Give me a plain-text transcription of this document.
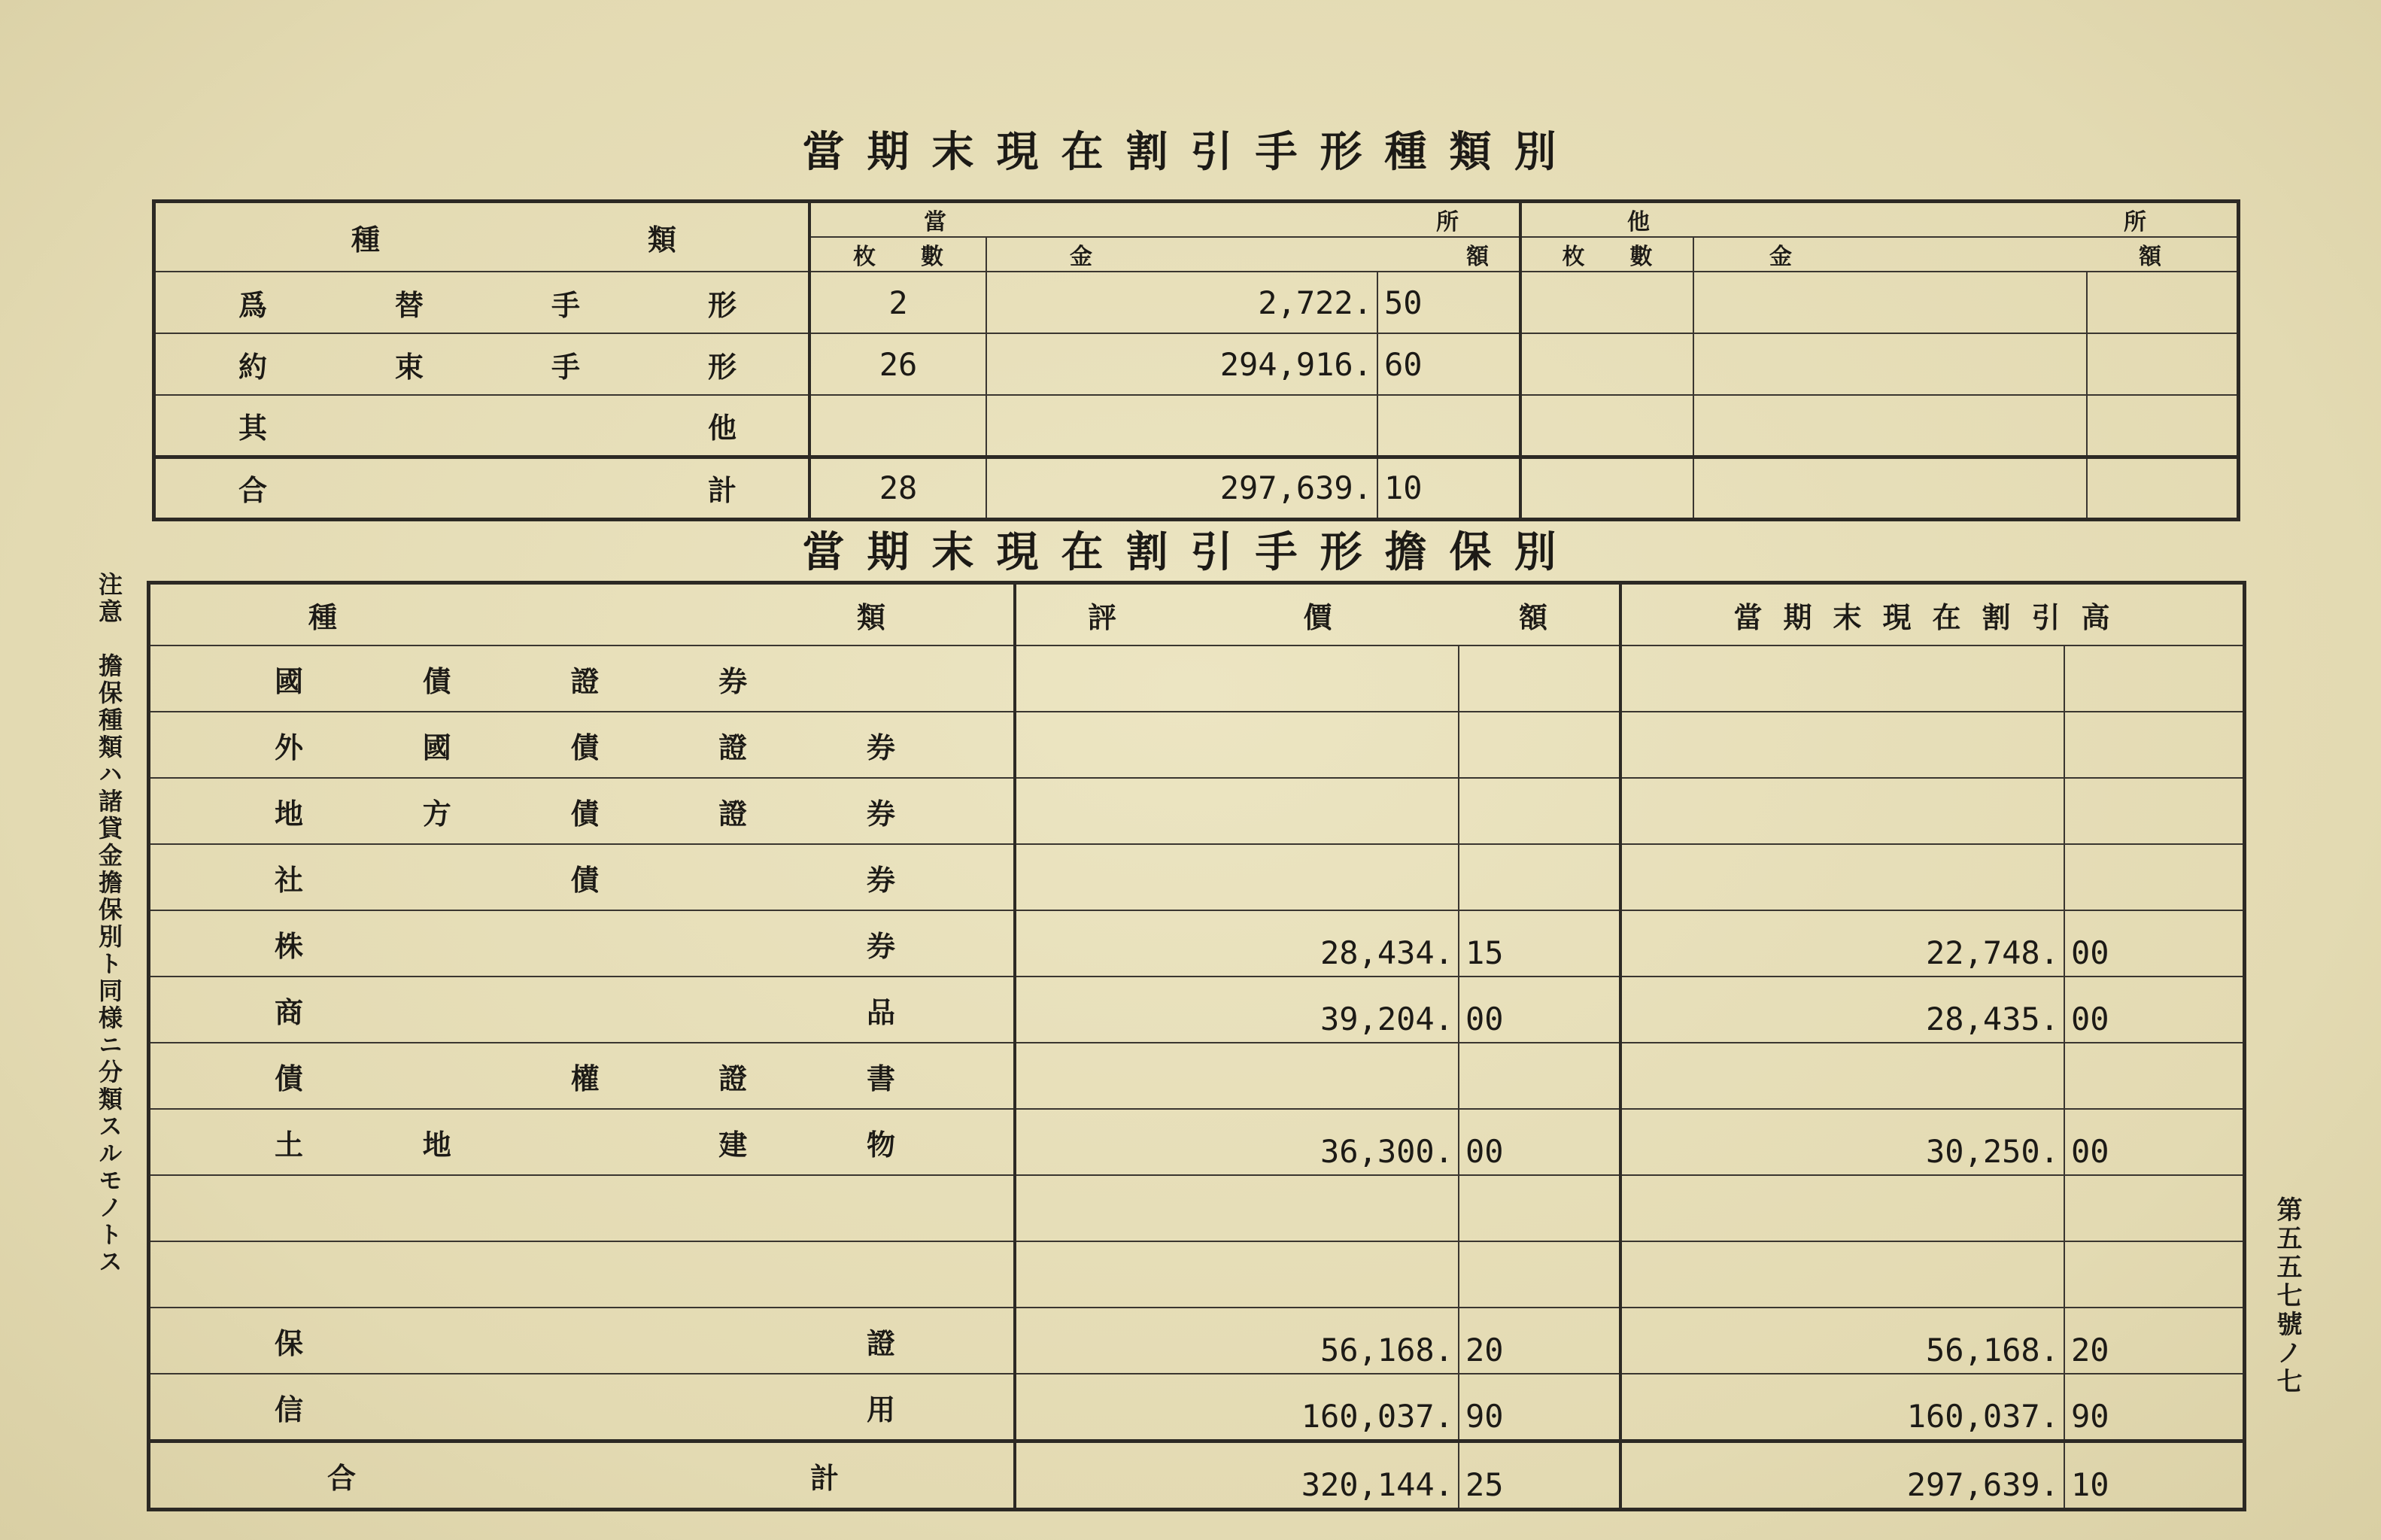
當期末現在割引手形種類別
種 類	當 所			他 所		

	枚　　數	金 額		枚　　數	金 額	

爲 替 手 形	2	2,722.	50			

約 束 手 形	26	294,916.	60			

其 他						

合 計	28	297,639.	10			
當期末現在割引手形擔保別
種 類	評 價 額		當期末現在割引高	

國 債 證 券				

外 國 債 證 券				

地 方 債 證 券				

社 債 券				

株 券	28,434.	15	22,748.	00

商 品	39,204.	00	28,435.	00

債 權 證 書				

土 地 建 物	36,300.	00	30,250.	00

保 證	56,168.	20	56,168.	20

信 用	160,037.	90	160,037.	90

合 計	320,144.	25	297,639.	10
注意　擔保種類ハ諸貸金擔保別ト同様ニ分類スルモノトス
第五五七號ノ七
